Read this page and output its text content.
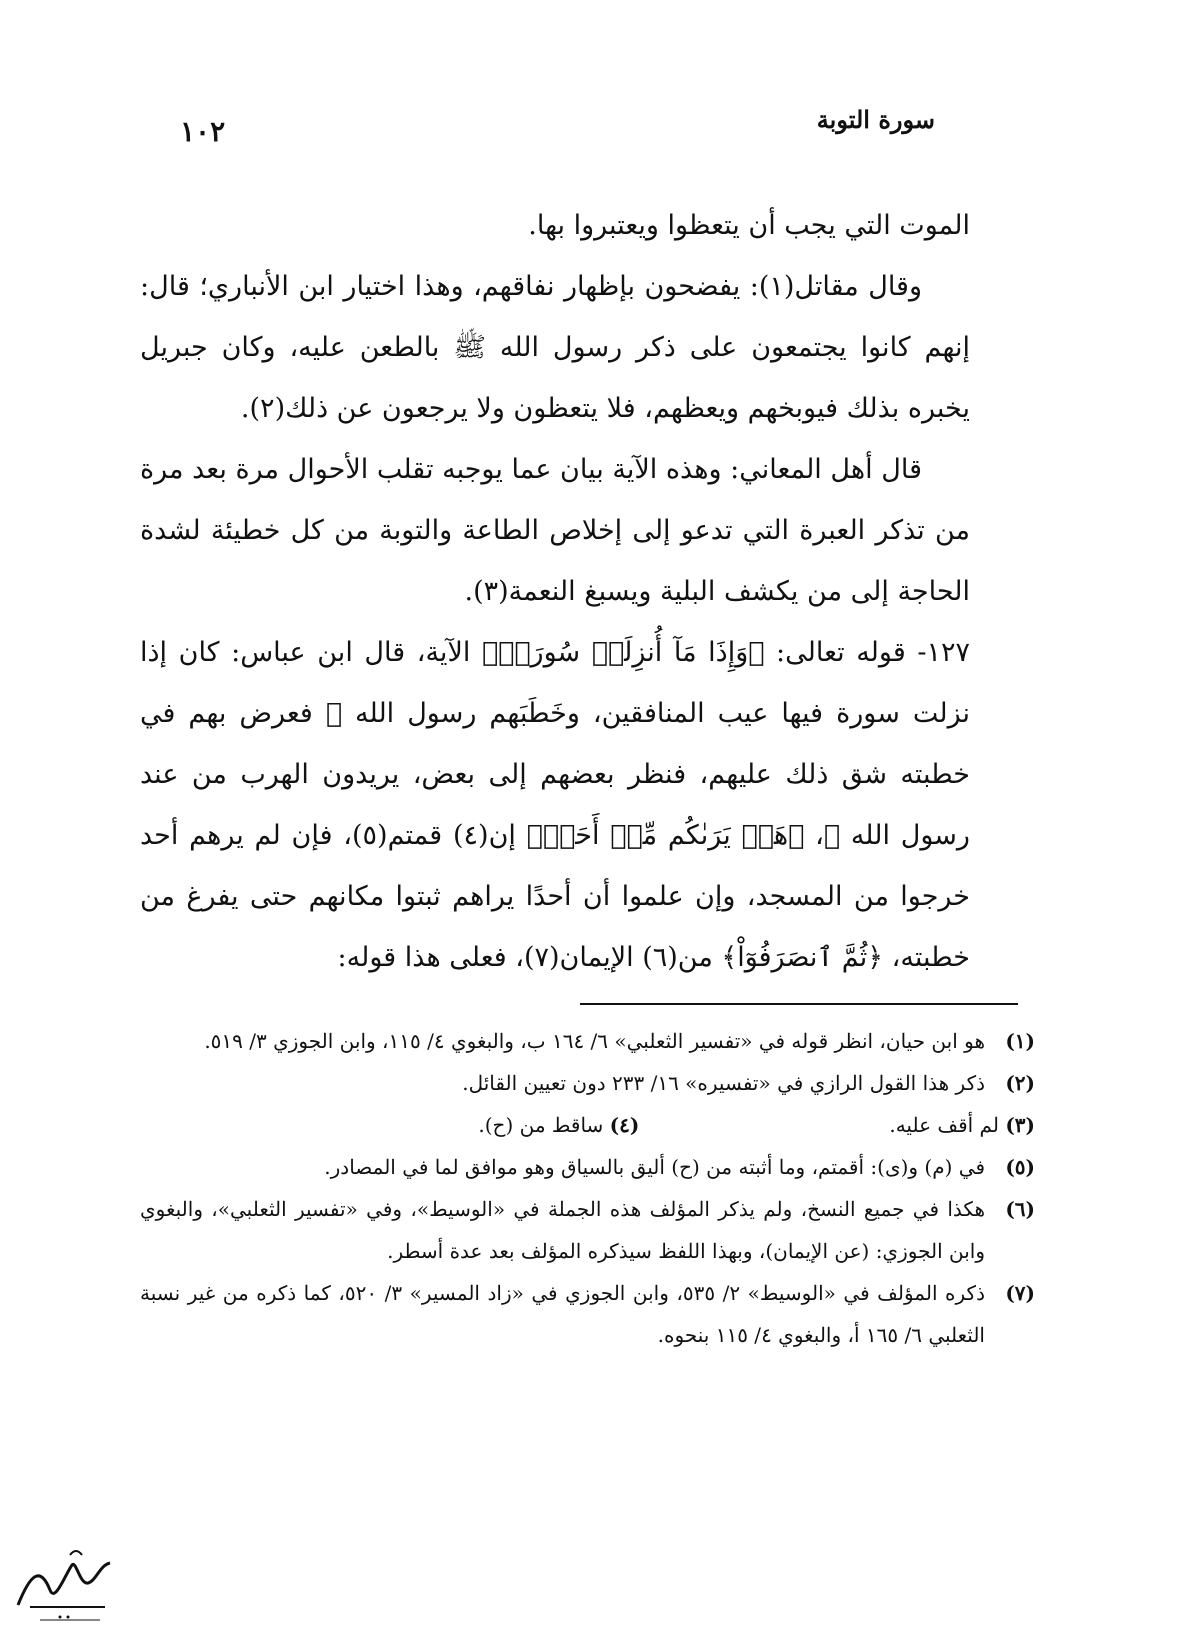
سورة التوبة
١٠٢

الموت التي يجب أن يتعظوا ويعتبروا بها.

وقال مقاتل(١): يفضحون بإظهار نفاقهم، وهذا اختيار ابن الأنباري؛ قال: إنهم كانوا يجتمعون على ذكر رسول الله ﷺ بالطعن عليه، وكان جبريل يخبره بذلك فيوبخهم ويعظهم، فلا يتعظون ولا يرجعون عن ذلك(٢).

قال أهل المعاني: وهذه الآية بيان عما يوجبه تقلب الأحوال مرة بعد مرة من تذكر العبرة التي تدعو إلى إخلاص الطاعة والتوبة من كل خطيئة لشدة الحاجة إلى من يكشف البلية ويسبغ النعمة(٣).

١٢٧- قوله تعالى: ﴿وَإِذَا مَآ أُنزِلَتۡ سُورَةٞ﴾ الآية، قال ابن عباس: كان إذا نزلت سورة فيها عيب المنافقين، وخَطَبَهم رسول الله ﷺ فعرض بهم في خطبته شق ذلك عليهم، فنظر بعضهم إلى بعض، يريدون الهرب من عند رسول الله ﷺ، ﴿هَلۡ يَرَىٰكُم مِّنۡ أَحَدٖ﴾ إن(٤) قمتم(٥)، فإن لم يرهم أحد خرجوا من المسجد، وإن علموا أن أحدًا يراهم ثبتوا مكانهم حتى يفرغ من خطبته، ﴿ثُمَّ ٱنصَرَفُوٓاْ﴾ من(٦) الإيمان(٧)، فعلى هذا قوله:

(١)
هو ابن حيان، انظر قوله في «تفسير الثعلبي» ٦/ ١٦٤ ب، والبغوي ٤/ ١١٥، وابن الجوزي ٣/ ٥١٩.
(٢)
ذكر هذا القول الرازي في «تفسيره» ١٦/ ٢٣٣ دون تعيين القائل.
(٣) لم أقف عليه.
(٤) ساقط من (ح).
(٥)
في (م) و(ى): أقمتم، وما أثبته من (ح) أليق بالسياق وهو موافق لما في المصادر.
(٦)
هكذا في جميع النسخ، ولم يذكر المؤلف هذه الجملة في «الوسيط»، وفي «تفسير الثعلبي»، والبغوي وابن الجوزي: (عن الإيمان)، وبهذا اللفظ سيذكره المؤلف بعد عدة أسطر.
(٧)
ذكره المؤلف في «الوسيط» ٢/ ٥٣٥، وابن الجوزي في «زاد المسير» ٣/ ٥٢٠، كما ذكره من غير نسبة الثعلبي ٦/ ١٦٥ أ، والبغوي ٤/ ١١٥ بنحوه.
